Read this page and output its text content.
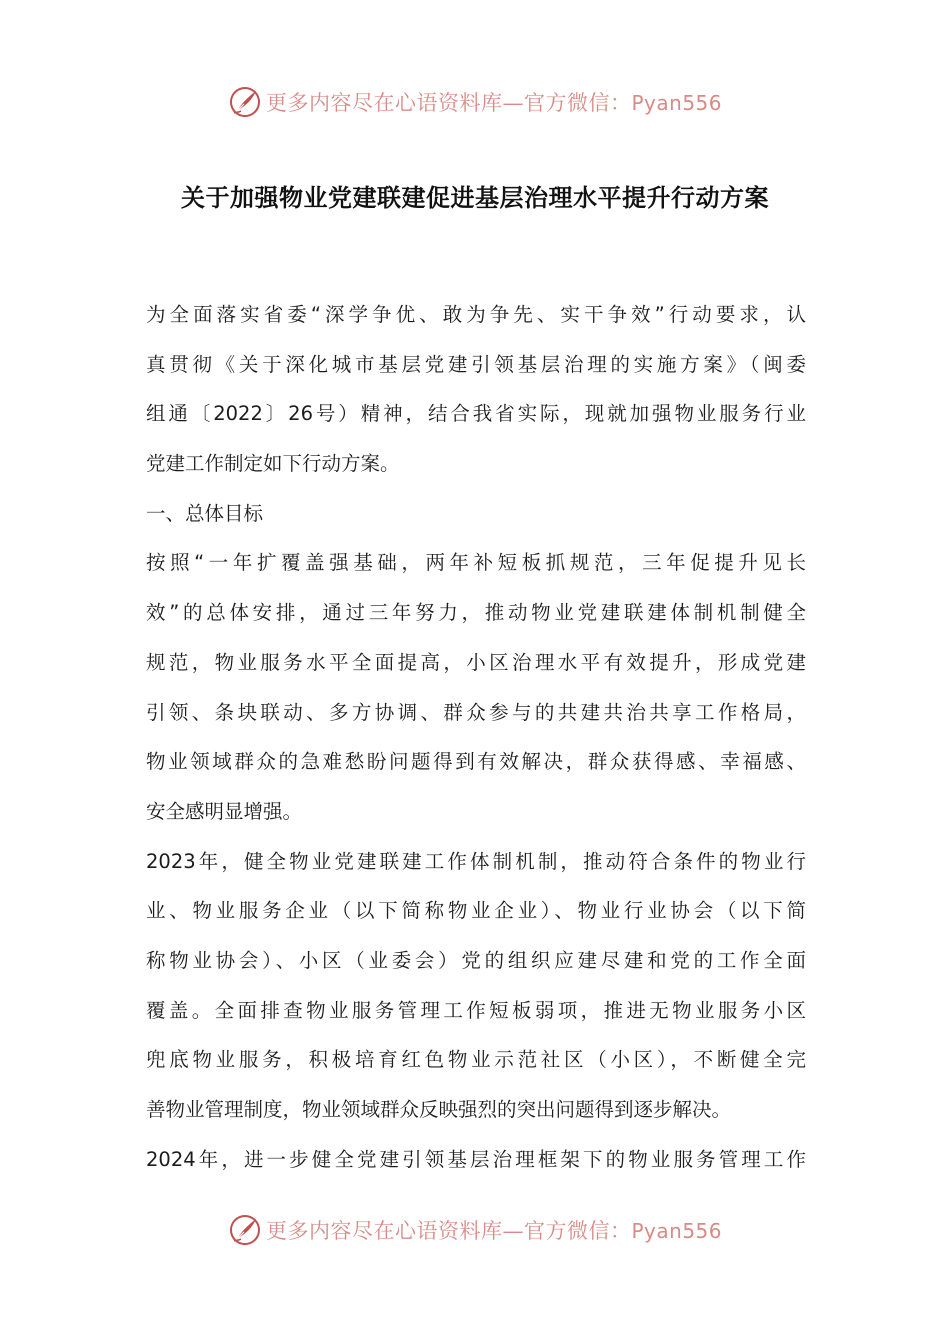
更多内容尽在心语资料库—官方微信：Pyan556
关于加强物业党建联建促进基层治理水平提升行动方案
为全面落实省委“深学争优、敢为争先、实干争效”行动要求，认
真贯彻《关于深化城市基层党建引领基层治理的实施方案》（闽委
组通〔2022〕26号）精神，结合我省实际，现就加强物业服务行业
党建工作制定如下行动方案。
一、总体目标
按照“一年扩覆盖强基础，两年补短板抓规范，三年促提升见长
效”的总体安排，通过三年努力，推动物业党建联建体制机制健全
规范，物业服务水平全面提高，小区治理水平有效提升，形成党建
引领、条块联动、多方协调、群众参与的共建共治共享工作格局，
物业领域群众的急难愁盼问题得到有效解决，群众获得感、幸福感、
安全感明显增强。
2023年，健全物业党建联建工作体制机制，推动符合条件的物业行
业、物业服务企业（以下简称物业企业）、物业行业协会（以下简
称物业协会）、小区（业委会）党的组织应建尽建和党的工作全面
覆盖。全面排查物业服务管理工作短板弱项，推进无物业服务小区
兜底物业服务，积极培育红色物业示范社区（小区），不断健全完
善物业管理制度，物业领域群众反映强烈的突出问题得到逐步解决。
2024年，进一步健全党建引领基层治理框架下的物业服务管理工作
更多内容尽在心语资料库—官方微信：Pyan556
